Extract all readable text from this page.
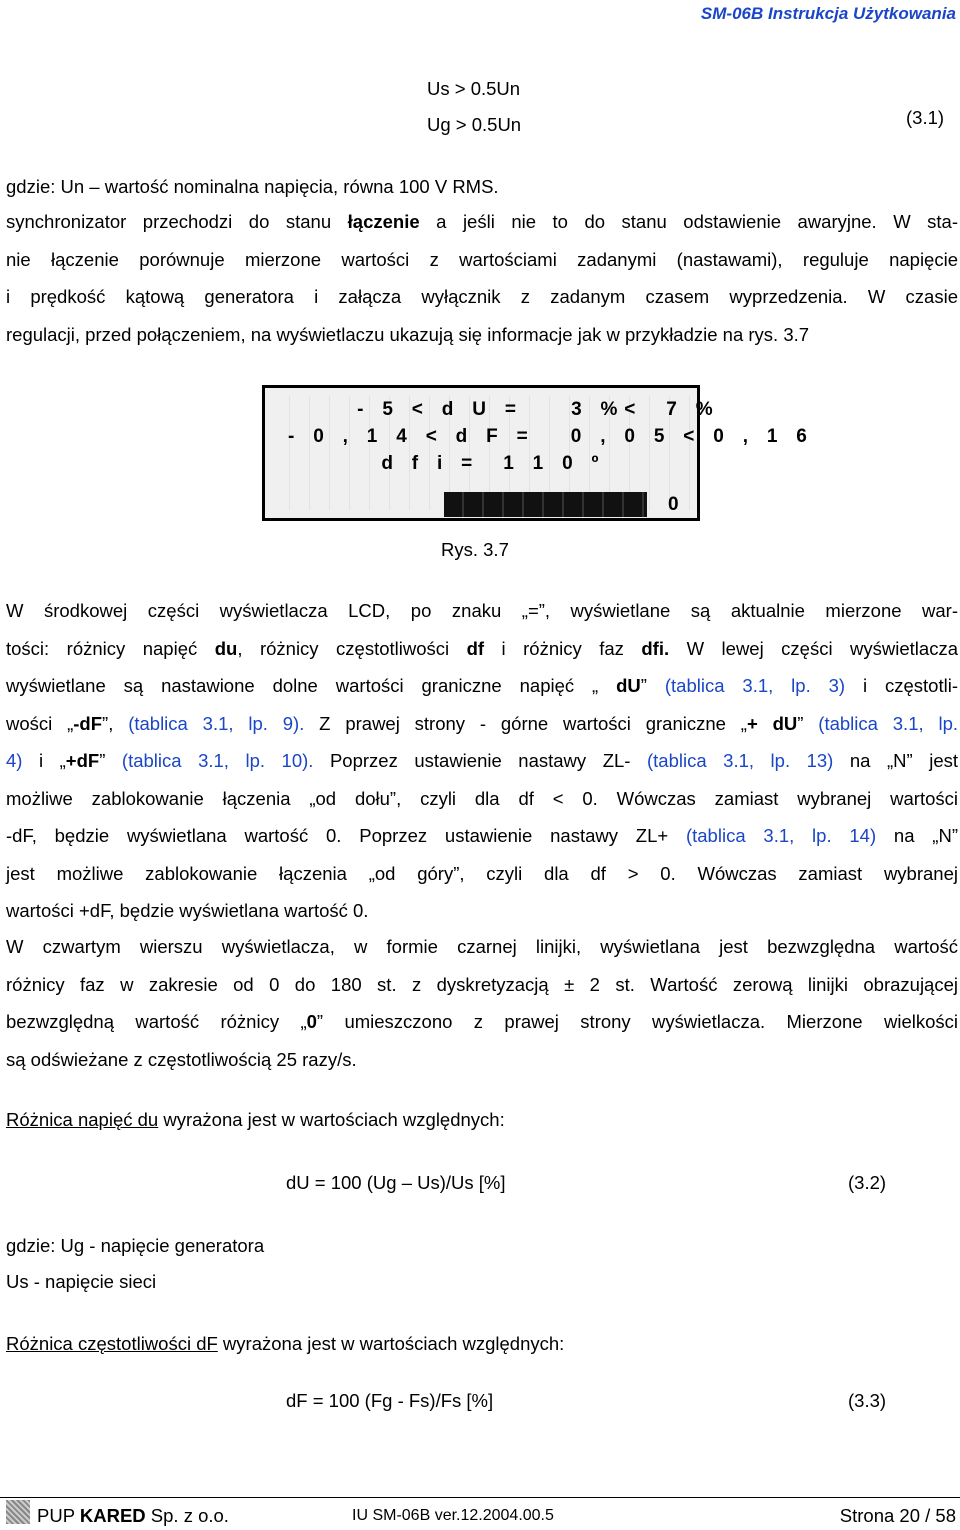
SM-06B Instrukcja Użytkowania
Us > 0.5Un
Ug > 0.5Un	(3.1)
gdzie: Un – wartość nominalna napięcia, równa 100 V RMS.
synchronizator przechodzi do stanu łączenie a jeśli nie to do stanu odstawienie awaryjne. W sta-
nie łączenie porównuje mierzone wartości z wartościami zadanymi (nastawami), reguluje napięcie
i prędkość kątową generatora i załącza wyłącznik z zadanym czasem wyprzedzenia. W czasie
regulacji, przed połączeniem, na wyświetlaczu ukazują się informacje jak w przykładzie na rys. 3.7
- 5 < d U =    3 %<  7 %
- 0 , 1 4 < d F =   0 , 0 5 < 0 , 1 6
d f i =  1 1 0 º
0
Rys. 3.7
W środkowej części wyświetlacza LCD, po znaku „=”, wyświetlane są aktualnie mierzone war-
tości: różnicy napięć du, różnicy częstotliwości df i różnicy faz dfi. W lewej części wyświetlacza
wyświetlane są nastawione dolne wartości graniczne napięć „ dU” (tablica 3.1, lp. 3) i częstotli-
wości „-dF”, (tablica 3.1, lp. 9). Z prawej strony - górne wartości graniczne „+ dU” (tablica 3.1, lp.
4) i „+dF” (tablica 3.1, lp. 10). Poprzez ustawienie nastawy ZL- (tablica 3.1, lp. 13) na „N” jest
możliwe zablokowanie łączenia „od dołu”, czyli dla df < 0. Wówczas zamiast wybranej wartości
-dF, będzie wyświetlana wartość 0. Poprzez ustawienie nastawy ZL+ (tablica 3.1, lp. 14) na „N”
jest możliwe zablokowanie łączenia „od góry”, czyli dla df > 0. Wówczas zamiast wybranej
wartości +dF, będzie wyświetlana wartość 0.
W czwartym wierszu wyświetlacza, w formie czarnej linijki, wyświetlana jest bezwzględna wartość
różnicy faz w zakresie od 0 do 180 st. z dyskretyzacją ± 2 st. Wartość zerową linijki obrazującej
bezwzględną wartość różnicy „0” umieszczono z prawej strony wyświetlacza. Mierzone wielkości
są odświeżane z częstotliwością 25 razy/s.
Różnica napięć du wyrażona jest w wartościach względnych:
dU = 100 (Ug – Us)/Us [%]	(3.2)
gdzie: Ug - napięcie generatora
Us - napięcie sieci
Różnica częstotliwości dF wyrażona jest w wartościach względnych:
dF = 100 (Fg - Fs)/Fs [%]	(3.3)
PUP KARED Sp. z o.o.	IU SM-06B ver.12.2004.00.5	Strona 20 / 58
